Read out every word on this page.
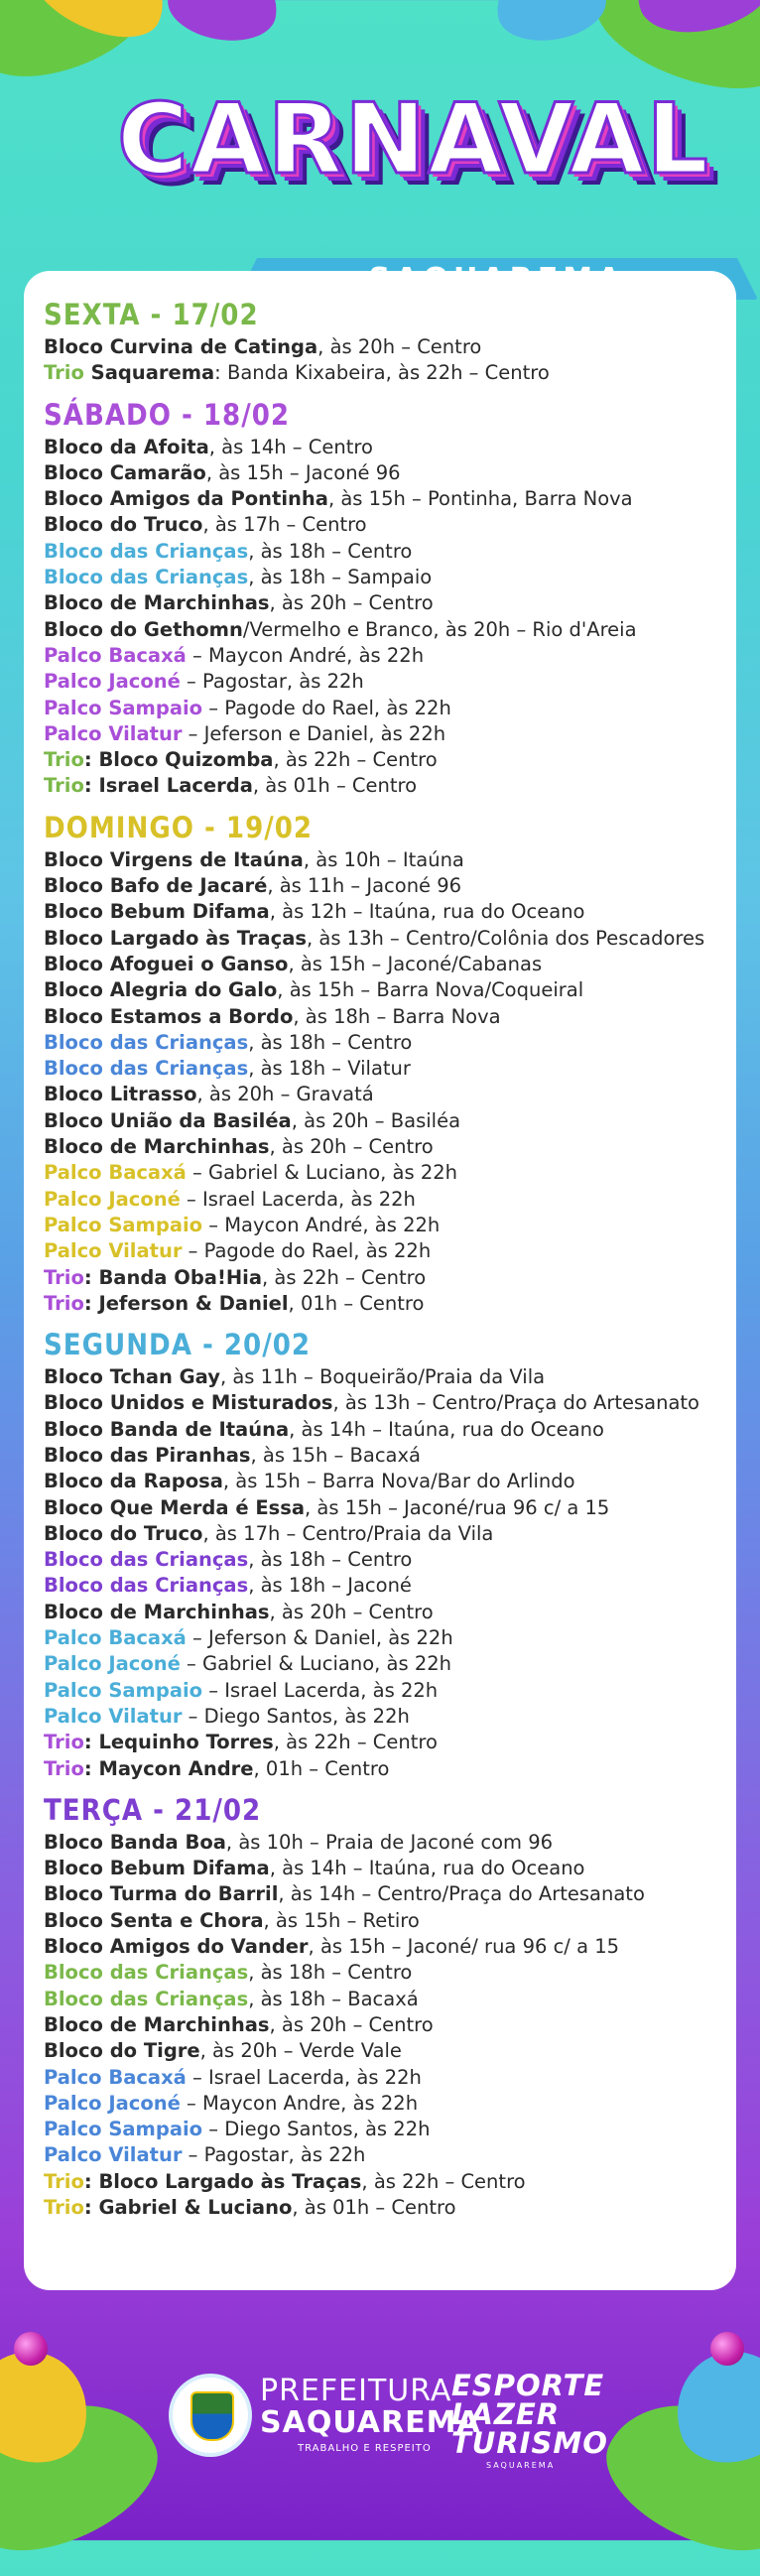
CARNAVAL
SEXTA - 17/02
Bloco Curvina de Catinga, às 20h – Centro
Trio Saquarema: Banda Kixabeira, às 22h – Centro
SÁBADO - 18/02
Bloco da Afoita, às 14h – Centro
Bloco Camarão, às 15h – Jaconé 96
Bloco Amigos da Pontinha, às 15h – Pontinha, Barra Nova
Bloco do Truco, às 17h – Centro
Bloco das Crianças, às 18h – Centro
Bloco das Crianças, às 18h – Sampaio
Bloco de Marchinhas, às 20h – Centro
Bloco do Gethomn/Vermelho e Branco, às 20h – Rio d'Areia
Palco Bacaxá – Maycon André, às 22h
Palco Jaconé – Pagostar, às 22h
Palco Sampaio – Pagode do Rael, às 22h
Palco Vilatur – Jeferson e Daniel, às 22h
Trio: Bloco Quizomba, às 22h – Centro
Trio: Israel Lacerda, às 01h – Centro
DOMINGO - 19/02
Bloco Virgens de Itaúna, às 10h – Itaúna
Bloco Bafo de Jacaré, às 11h – Jaconé 96
Bloco Bebum Difama, às 12h – Itaúna, rua do Oceano
Bloco Largado às Traças, às 13h – Centro/Colônia dos Pescadores
Bloco Afoguei o Ganso, às 15h – Jaconé/Cabanas
Bloco Alegria do Galo, às 15h – Barra Nova/Coqueiral
Bloco Estamos a Bordo, às 18h – Barra Nova
Bloco das Crianças, às 18h – Centro
Bloco das Crianças, às 18h – Vilatur
Bloco Litrasso, às 20h – Gravatá
Bloco União da Basiléa, às 20h – Basiléa
Bloco de Marchinhas, às 20h – Centro
Palco Bacaxá – Gabriel & Luciano, às 22h
Palco Jaconé – Israel Lacerda, às 22h
Palco Sampaio – Maycon André, às 22h
Palco Vilatur – Pagode do Rael, às 22h
Trio: Banda Oba!Hia, às 22h – Centro
Trio: Jeferson & Daniel, 01h – Centro
SEGUNDA - 20/02
Bloco Tchan Gay, às 11h – Boqueirão/Praia da Vila
Bloco Unidos e Misturados, às 13h – Centro/Praça do Artesanato
Bloco Banda de Itaúna, às 14h – Itaúna, rua do Oceano
Bloco das Piranhas, às 15h – Bacaxá
Bloco da Raposa, às 15h – Barra Nova/Bar do Arlindo
Bloco Que Merda é Essa, às 15h – Jaconé/rua 96 c/ a 15
Bloco do Truco, às 17h – Centro/Praia da Vila
Bloco das Crianças, às 18h – Centro
Bloco das Crianças, às 18h – Jaconé
Bloco de Marchinhas, às 20h – Centro
Palco Bacaxá – Jeferson & Daniel, às 22h
Palco Jaconé – Gabriel & Luciano, às 22h
Palco Sampaio – Israel Lacerda, às 22h
Palco Vilatur – Diego Santos, às 22h
Trio: Lequinho Torres, às 22h – Centro
Trio: Maycon Andre, 01h – Centro
TERÇA - 21/02
Bloco Banda Boa, às 10h – Praia de Jaconé com 96
Bloco Bebum Difama, às 14h – Itaúna, rua do Oceano
Bloco Turma do Barril, às 14h – Centro/Praça do Artesanato
Bloco Senta e Chora, às 15h – Retiro
Bloco Amigos do Vander, às 15h – Jaconé/ rua 96 c/ a 15
Bloco das Crianças, às 18h – Centro
Bloco das Crianças, às 18h – Bacaxá
Bloco de Marchinhas, às 20h – Centro
Bloco do Tigre, às 20h – Verde Vale
Palco Bacaxá – Israel Lacerda, às 22h
Palco Jaconé – Maycon Andre, às 22h
Palco Sampaio – Diego Santos, às 22h
Palco Vilatur – Pagostar, às 22h
Trio: Bloco Largado às Traças, às 22h – Centro
Trio: Gabriel & Luciano, às 01h – Centro
PREFEITURA
SAQUAREMA
TRABALHO E RESPEITO
ESPORTE
LAZER
TURISMO
SAQUAREMA
